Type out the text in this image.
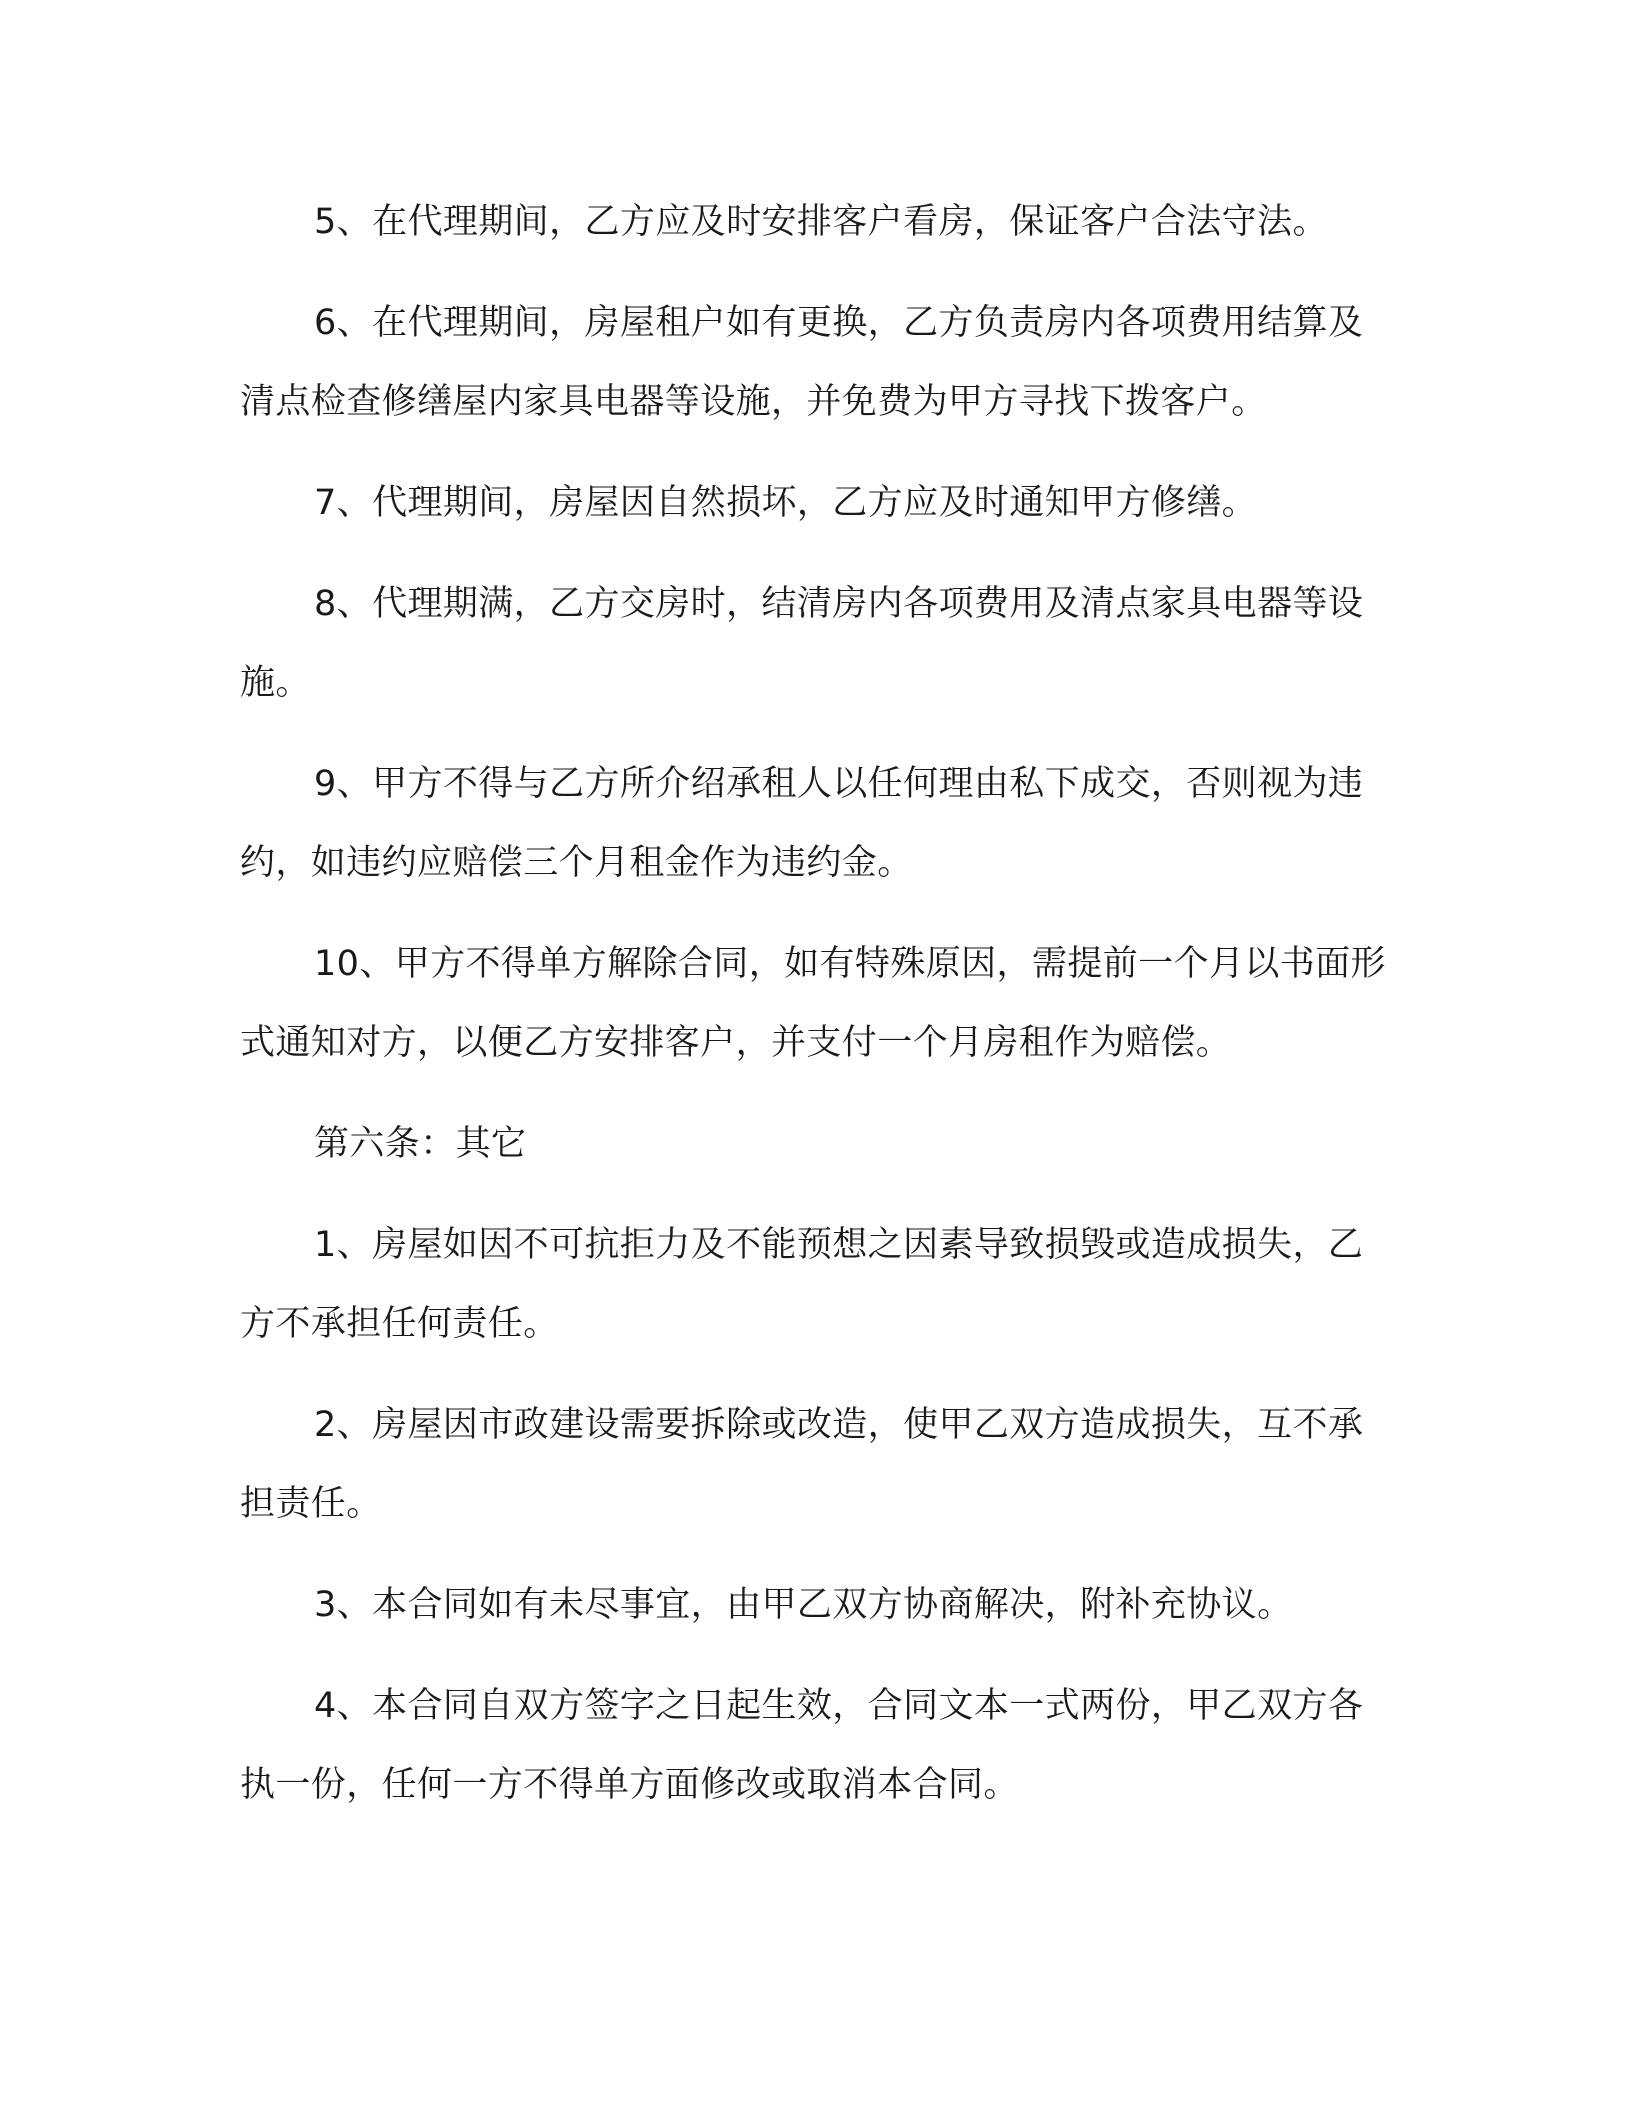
5、在代理期间，乙方应及时安排客户看房，保证客户合法守法。

6、在代理期间，房屋租户如有更换，乙方负责房内各项费用结算及清点检查修缮屋内家具电器等设施，并免费为甲方寻找下拨客户。

7、代理期间，房屋因自然损坏，乙方应及时通知甲方修缮。

8、代理期满，乙方交房时，结清房内各项费用及清点家具电器等设施。

9、甲方不得与乙方所介绍承租人以任何理由私下成交，否则视为违约，如违约应赔偿三个月租金作为违约金。

10、甲方不得单方解除合同，如有特殊原因，需提前一个月以书面形式通知对方，以便乙方安排客户，并支付一个月房租作为赔偿。

第六条：其它

1、房屋如因不可抗拒力及不能预想之因素导致损毁或造成损失，乙方不承担任何责任。

2、房屋因市政建设需要拆除或改造，使甲乙双方造成损失，互不承担责任。

3、本合同如有未尽事宜，由甲乙双方协商解决，附补充协议。

4、本合同自双方签字之日起生效，合同文本一式两份，甲乙双方各执一份，任何一方不得单方面修改或取消本合同。
